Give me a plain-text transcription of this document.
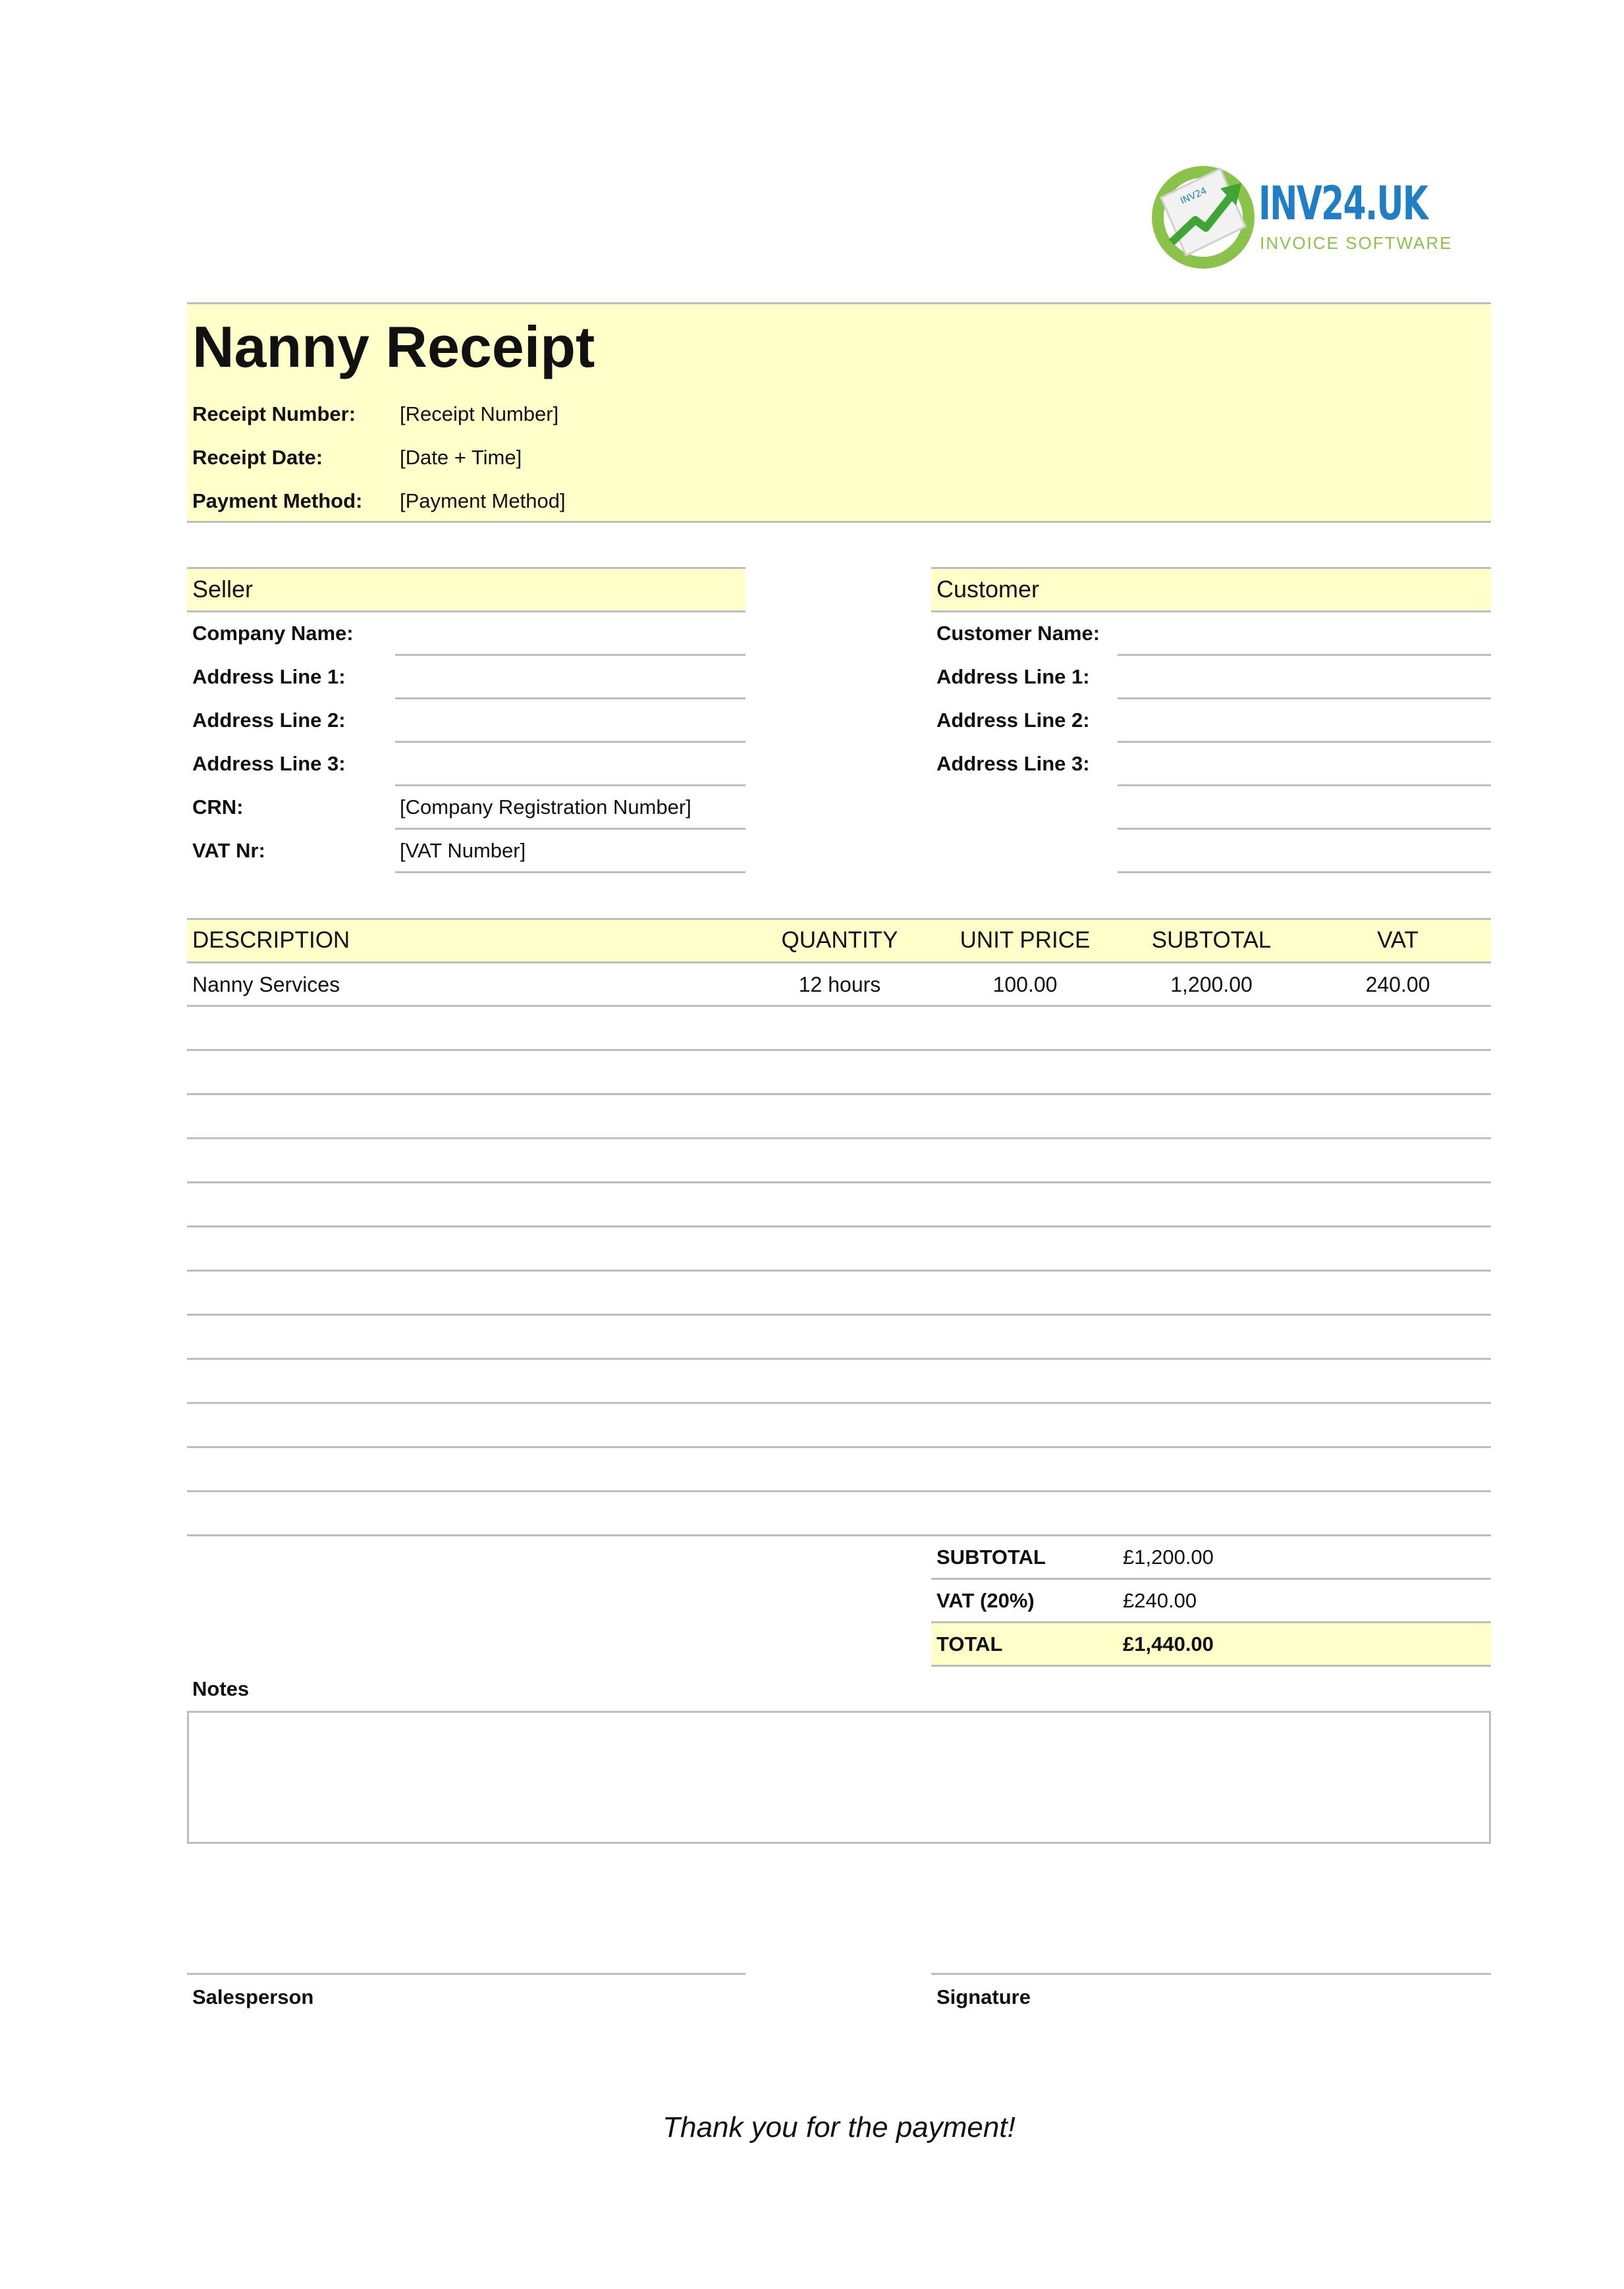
INV24 INV24.UK
INVOICE SOFTWARE
Nanny Receipt
Receipt Number: [Receipt Number]
Receipt Date:	[Date + Time]
Payment Method: [Payment Method]
Seller
Company Name:
Address Line 1:
Address Line 2:
Address Line 3:
CRN:	[Company Registration Number]
VAT Nr:	[VAT Number]
Customer
Customer Name:
Address Line 1:
Address Line 2:
Address Line 3:
DESCRIPTION	QUANTITY	UNIT PRICE	SUBTOTAL	VAT
Nanny Services	12 hours	100.00	1,200.00	240.00
SUBTOTAL	£1,200.00
VAT (20%)	£240.00
TOTAL	£1,440.00
Notes
Salesperson	Signature
Thank you for the payment!
